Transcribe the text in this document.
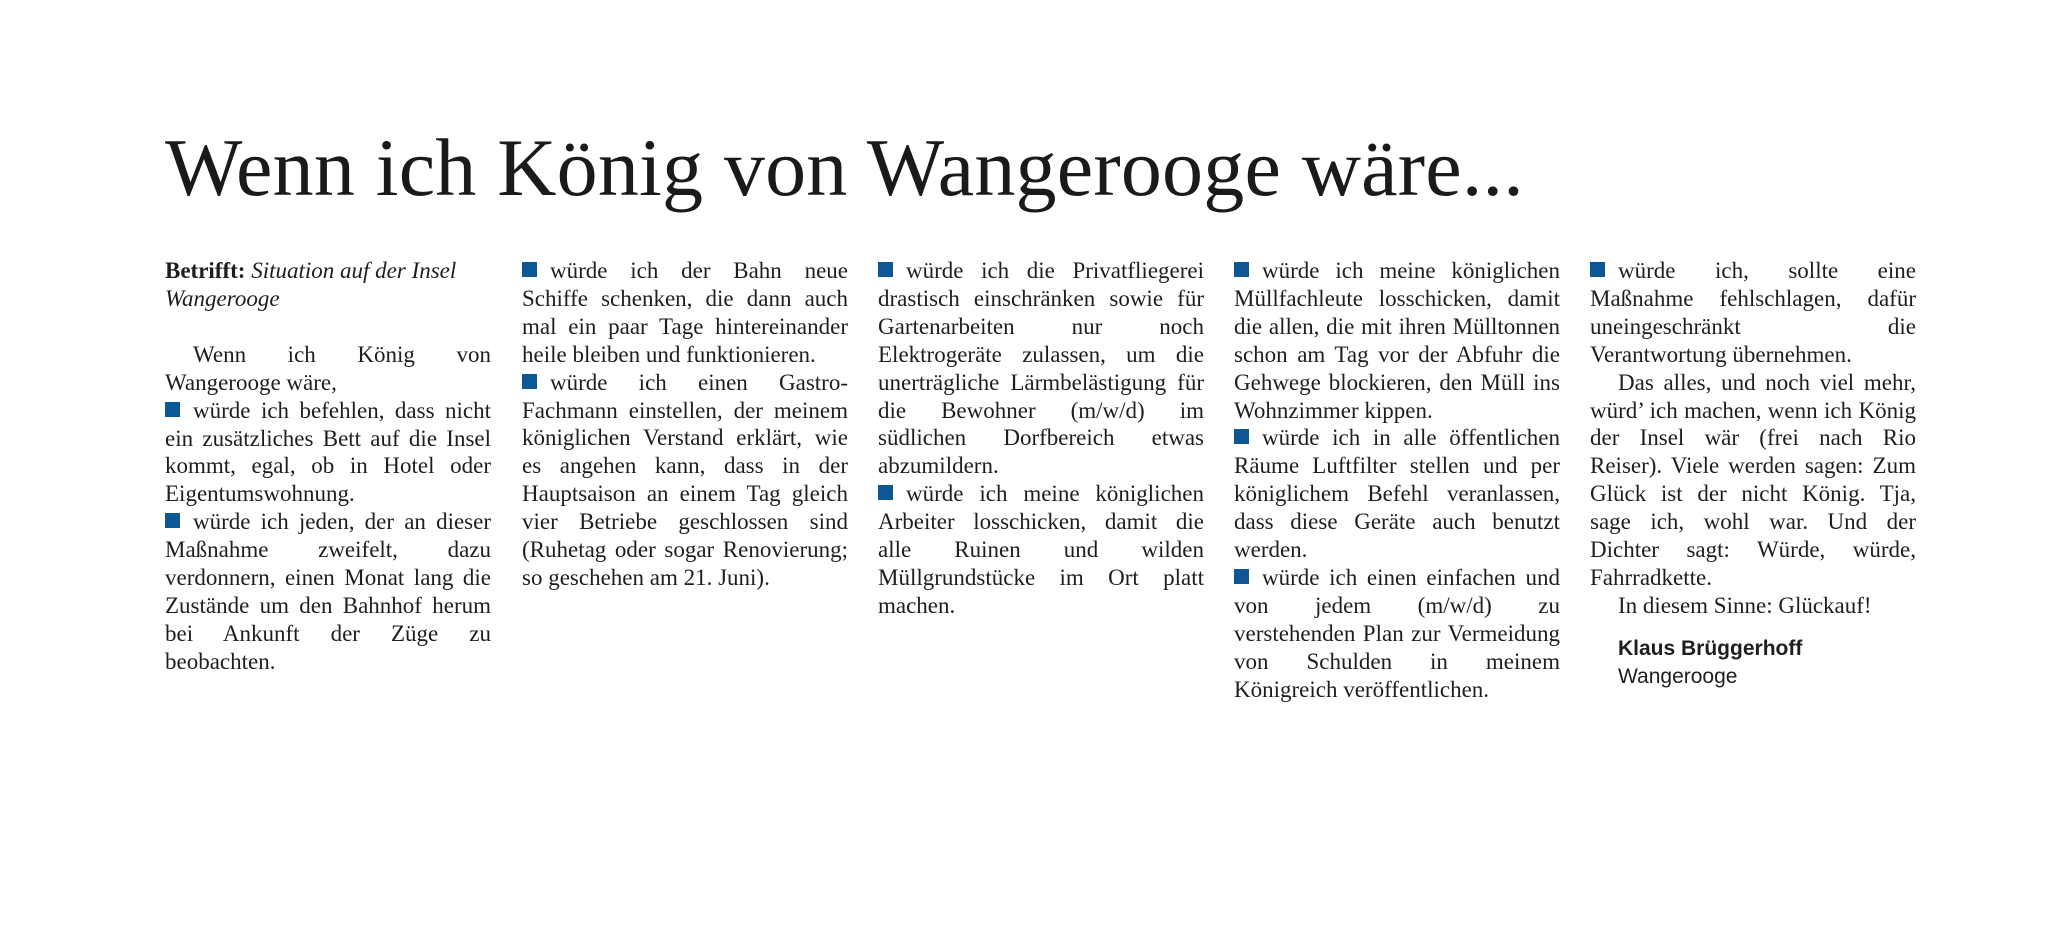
Wenn ich König von Wangerooge wäre...

Betrifft: Situation auf der Insel Wangerooge

Wenn ich König von Wangerooge wäre,

würde ich befehlen, dass nicht ein zusätzliches Bett auf die Insel kommt, egal, ob in Hotel oder Eigentumswohnung.

würde ich jeden, der an dieser Maßnahme zweifelt, dazu verdonnern, einen Monat lang die Zustände um den Bahnhof herum bei Ankunft der Züge zu beobachten.

würde ich der Bahn neue Schiffe schenken, die dann auch mal ein paar Tage hintereinander heile bleiben und funktionieren.

würde ich einen Gastro-Fachmann einstellen, der meinem königlichen Verstand erklärt, wie es angehen kann, dass in der Hauptsaison an einem Tag gleich vier Betriebe geschlossen sind (Ruhetag oder sogar Renovierung; so geschehen am 21. Juni).

würde ich die Privatfliegerei drastisch einschränken sowie für Gartenarbeiten nur noch Elektrogeräte zulassen, um die unerträgliche Lärmbelästigung für die Bewohner (m/w/d) im südlichen Dorfbereich etwas abzumildern.

würde ich meine königlichen Arbeiter losschicken, damit die alle Ruinen und wilden Müllgrundstücke im Ort platt machen.

würde ich meine königlichen Müllfachleute losschicken, damit die allen, die mit ihren Mülltonnen schon am Tag vor der Abfuhr die Gehwege blockieren, den Müll ins Wohnzimmer kippen.

würde ich in alle öffentlichen Räume Luftfilter stellen und per königlichem Befehl veranlassen, dass diese Geräte auch benutzt werden.

würde ich einen einfachen und von jedem (m/w/d) zu verstehenden Plan zur Vermeidung von Schulden in meinem Königreich veröffentlichen.

würde ich, sollte eine Maßnahme fehlschlagen, dafür uneingeschränkt die Verantwortung übernehmen.

Das alles, und noch viel mehr, würd’ ich machen, wenn ich König der Insel wär (frei nach Rio Reiser). Viele werden sagen: Zum Glück ist der nicht König. Tja, sage ich, wohl war. Und der Dichter sagt: Würde, würde, Fahrradkette.

In diesem Sinne: Glückauf!

Klaus Brüggerhoff
Wangerooge
